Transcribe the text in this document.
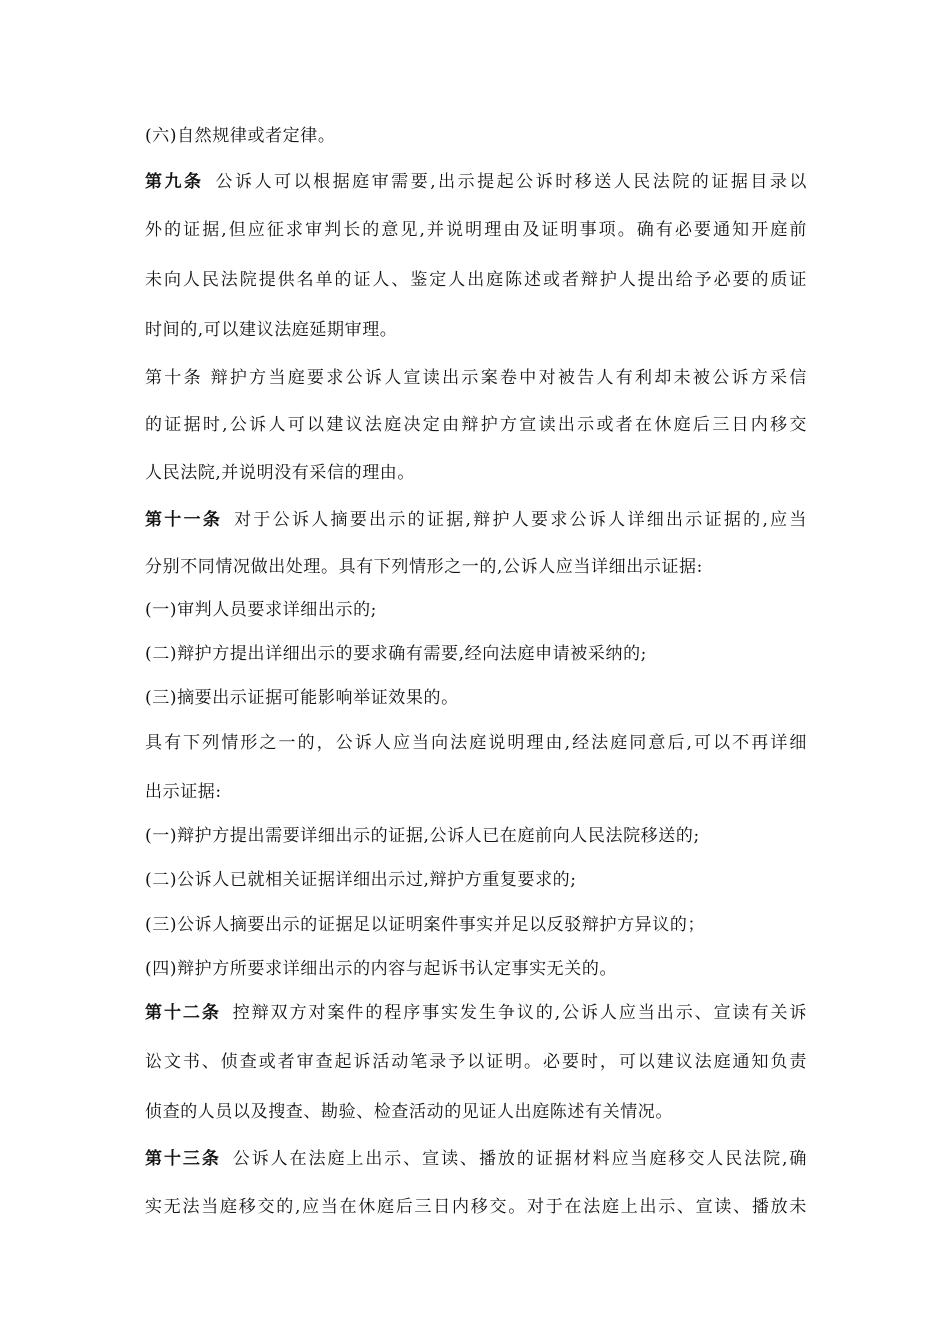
(六)自然规律或者定律。
第九条 公诉人可以根据庭审需要,出示提起公诉时移送人民法院的证据目录以
外的证据,但应征求审判长的意见,并说明理由及证明事项。确有必要通知开庭前
未向人民法院提供名单的证人、鉴定人出庭陈述或者辩护人提出给予必要的质证
时间的,可以建议法庭延期审理。
第十条 辩护方当庭要求公诉人宣读出示案卷中对被告人有利却未被公诉方采信
的证据时,公诉人可以建议法庭决定由辩护方宣读出示或者在休庭后三日内移交
人民法院,并说明没有采信的理由。
第十一条 对于公诉人摘要出示的证据,辩护人要求公诉人详细出示证据的,应当
分别不同情况做出处理。具有下列情形之一的,公诉人应当详细出示证据:
(一)审判人员要求详细出示的;
(二)辩护方提出详细出示的要求确有需要,经向法庭申请被采纳的;
(三)摘要出示证据可能影响举证效果的。
具有下列情形之一的，公诉人应当向法庭说明理由,经法庭同意后,可以不再详细
出示证据:
(一)辩护方提出需要详细出示的证据,公诉人已在庭前向人民法院移送的;
(二)公诉人已就相关证据详细出示过,辩护方重复要求的;
(三)公诉人摘要出示的证据足以证明案件事实并足以反驳辩护方异议的；
(四)辩护方所要求详细出示的内容与起诉书认定事实无关的。
第十二条 控辩双方对案件的程序事实发生争议的,公诉人应当出示、宣读有关诉
讼文书、侦查或者审查起诉活动笔录予以证明。必要时，可以建议法庭通知负责
侦查的人员以及搜查、勘验、检查活动的见证人出庭陈述有关情况。
第十三条 公诉人在法庭上出示、宣读、播放的证据材料应当庭移交人民法院,确
实无法当庭移交的,应当在休庭后三日内移交。对于在法庭上出示、宣读、播放未
